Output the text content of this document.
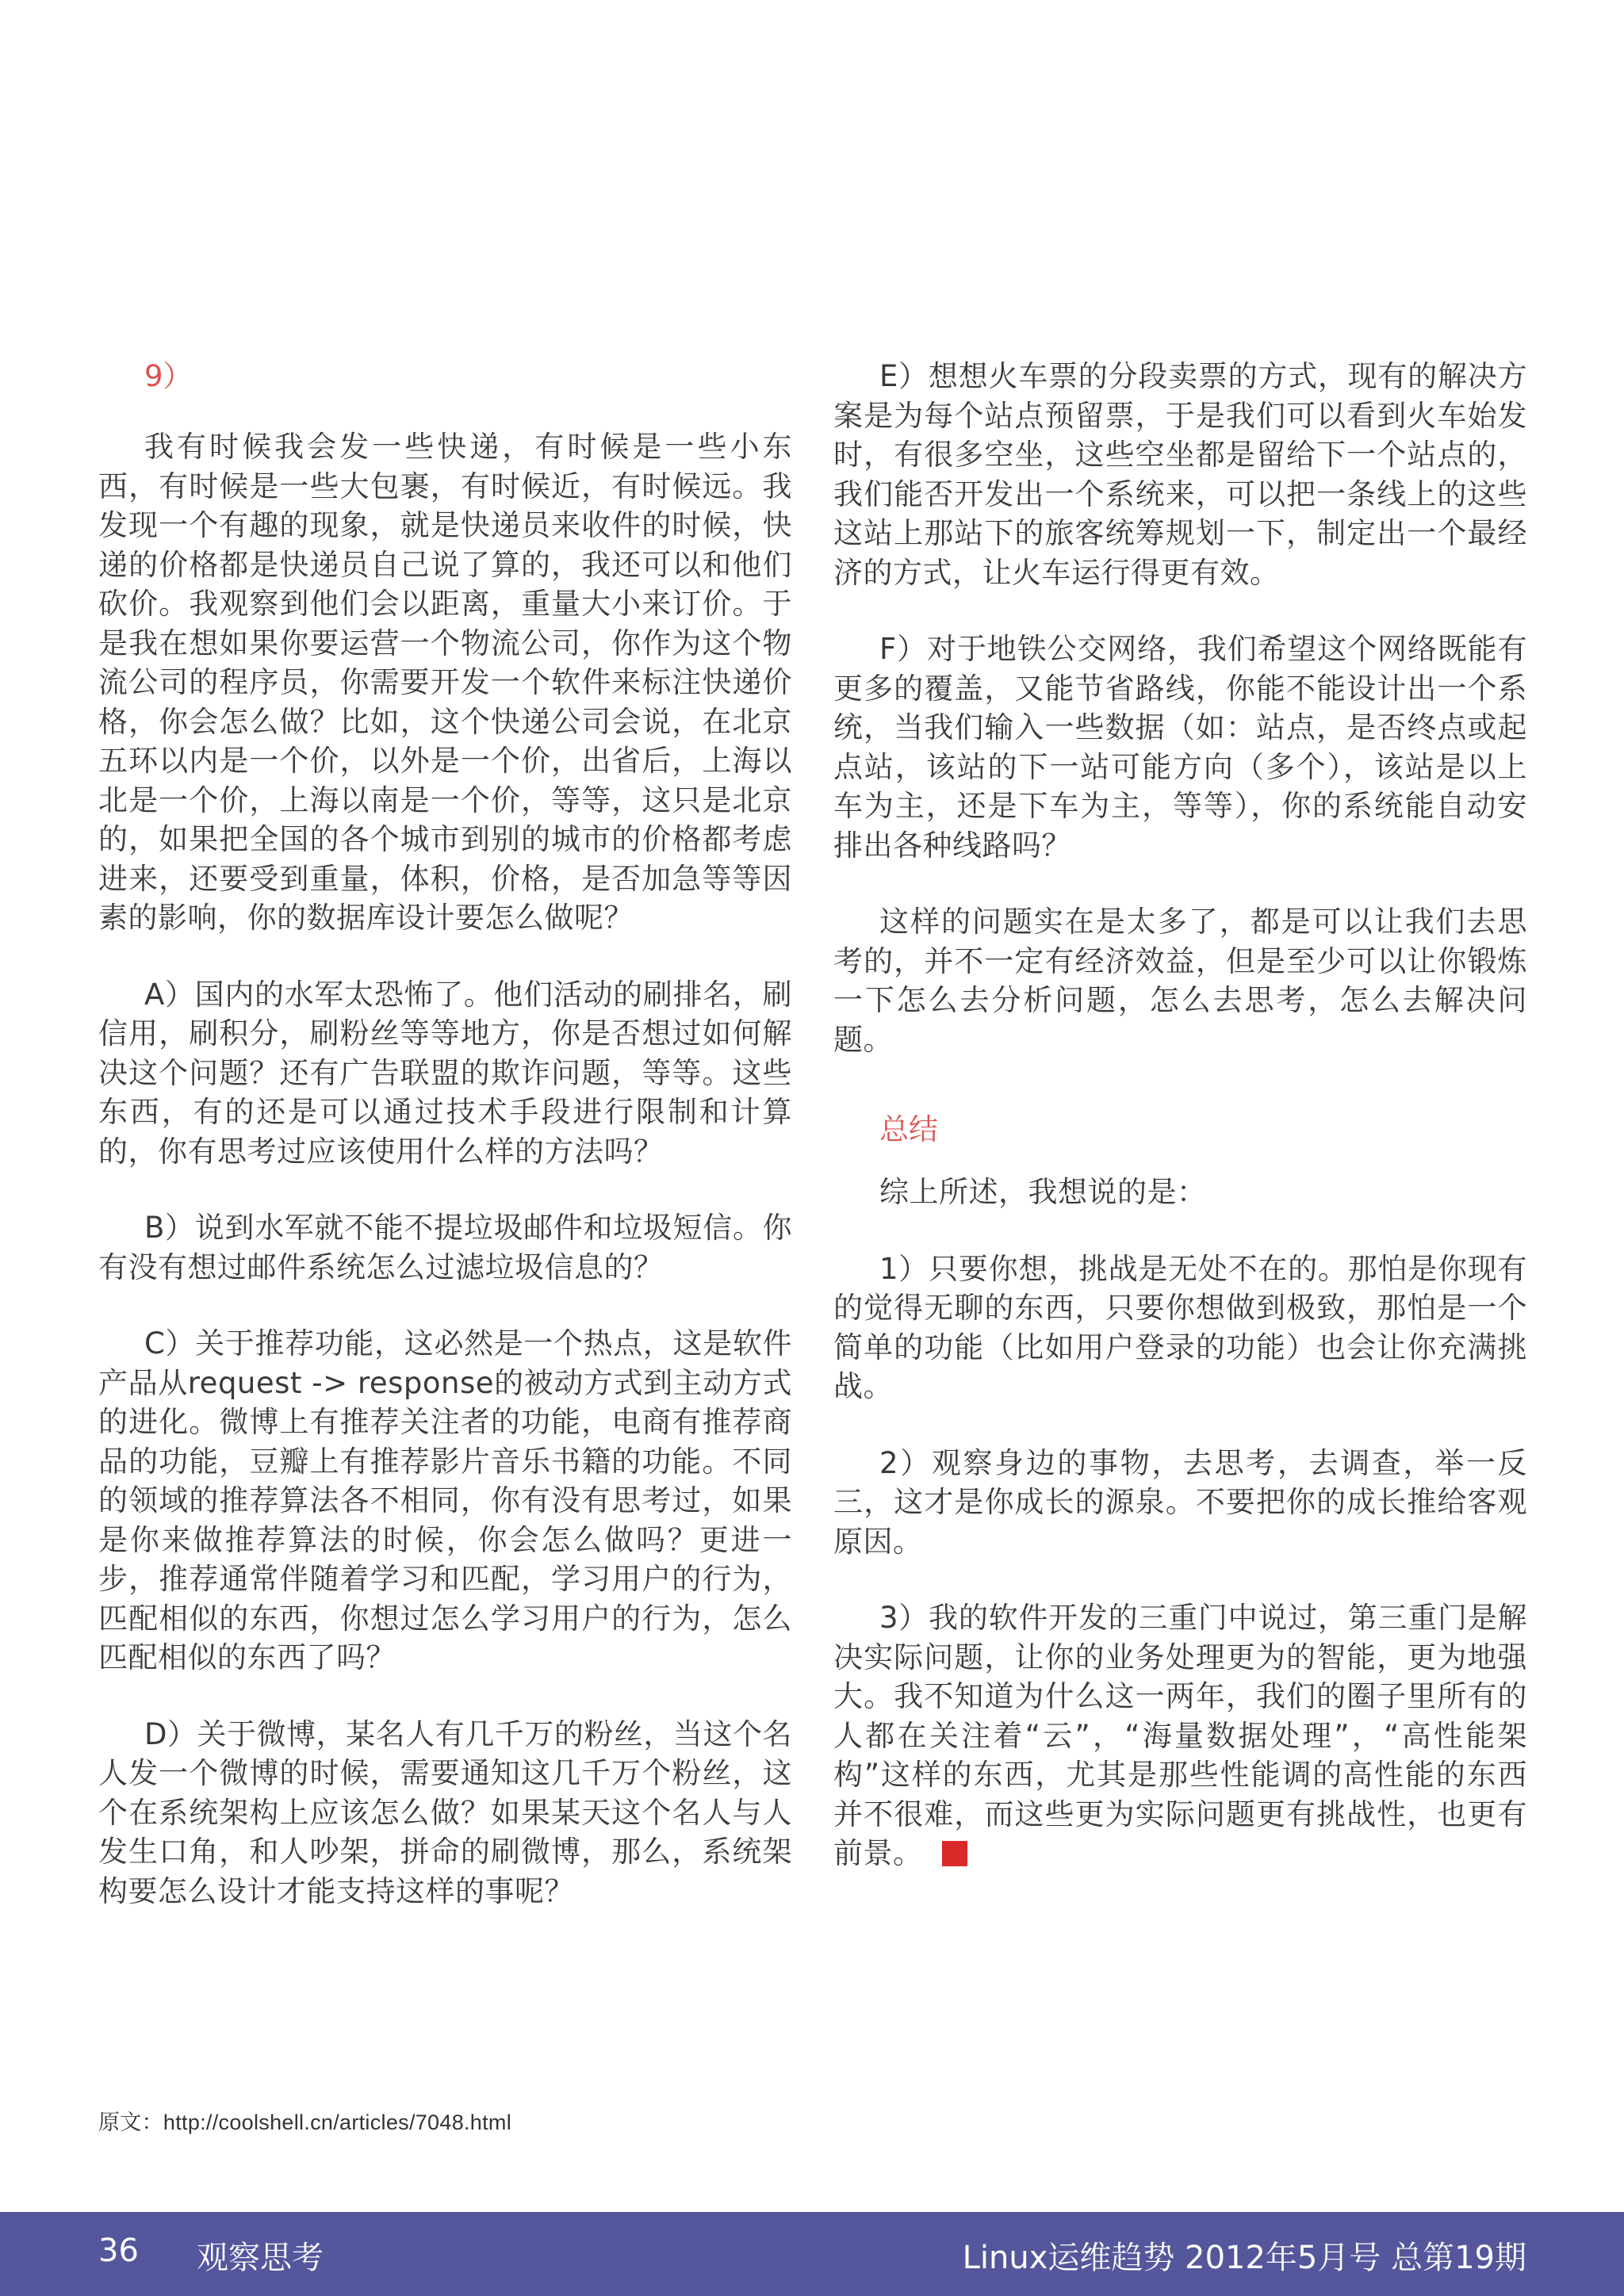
9）

我有时候我会发一些快递，有时候是一些小东西，有时候是一些大包裹，有时候近，有时候远。我发现一个有趣的现象，就是快递员来收件的时候，快递的价格都是快递员自己说了算的，我还可以和他们砍价。我观察到他们会以距离，重量大小来订价。于是我在想如果你要运营一个物流公司，你作为这个物流公司的程序员，你需要开发一个软件来标注快递价格，你会怎么做？比如，这个快递公司会说，在北京五环以内是一个价，以外是一个价，出省后，上海以北是一个价，上海以南是一个价，等等，这只是北京的，如果把全国的各个城市到别的城市的价格都考虑进来，还要受到重量，体积，价格，是否加急等等因素的影响，你的数据库设计要怎么做呢？

A）国内的水军太恐怖了。他们活动的刷排名，刷信用，刷积分，刷粉丝等等地方，你是否想过如何解决这个问题？还有广告联盟的欺诈问题，等等。这些东西，有的还是可以通过技术手段进行限制和计算的，你有思考过应该使用什么样的方法吗？

B）说到水军就不能不提垃圾邮件和垃圾短信。你有没有想过邮件系统怎么过滤垃圾信息的？

C）关于推荐功能，这必然是一个热点，这是软件产品从request -> response的被动方式到主动方式的进化。微博上有推荐关注者的功能，电商有推荐商品的功能，豆瓣上有推荐影片音乐书籍的功能。不同的领域的推荐算法各不相同，你有没有思考过，如果是你来做推荐算法的时候，你会怎么做吗？更进一步，推荐通常伴随着学习和匹配，学习用户的行为，匹配相似的东西，你想过怎么学习用户的行为，怎么匹配相似的东西了吗？

D）关于微博，某名人有几千万的粉丝，当这个名人发一个微博的时候，需要通知这几千万个粉丝，这个在系统架构上应该怎么做？如果某天这个名人与人发生口角，和人吵架，拼命的刷微博，那么，系统架构要怎么设计才能支持这样的事呢？

E）想想火车票的分段卖票的方式，现有的解决方案是为每个站点预留票，于是我们可以看到火车始发时，有很多空坐，这些空坐都是留给下一个站点的，我们能否开发出一个系统来，可以把一条线上的这些这站上那站下的旅客统筹规划一下，制定出一个最经济的方式，让火车运行得更有效。

F）对于地铁公交网络，我们希望这个网络既能有更多的覆盖，又能节省路线，你能不能设计出一个系统，当我们输入一些数据（如：站点，是否终点或起点站，该站的下一站可能方向（多个），该站是以上车为主，还是下车为主，等等），你的系统能自动安排出各种线路吗？

这样的问题实在是太多了，都是可以让我们去思考的，并不一定有经济效益，但是至少可以让你锻炼一下怎么去分析问题，怎么去思考，怎么去解决问题。

总结

综上所述，我想说的是：

1）只要你想，挑战是无处不在的。那怕是你现有的觉得无聊的东西，只要你想做到极致，那怕是一个简单的功能（比如用户登录的功能）也会让你充满挑战。

2）观察身边的事物，去思考，去调查，举一反三，这才是你成长的源泉。不要把你的成长推给客观原因。

3）我的软件开发的三重门中说过，第三重门是解决实际问题，让你的业务处理更为的智能，更为地强大。我不知道为什么这一两年，我们的圈子里所有的人都在关注着“云”，“海量数据处理”，“高性能架构”这样的东西，尤其是那些性能调的高性能的东西并不很难，而这些更为实际问题更有挑战性，也更有前景。

原文：http://coolshell.cn/articles/7048.html
36 观察思考	Linux运维趋势 2012年5月号 总第19期
